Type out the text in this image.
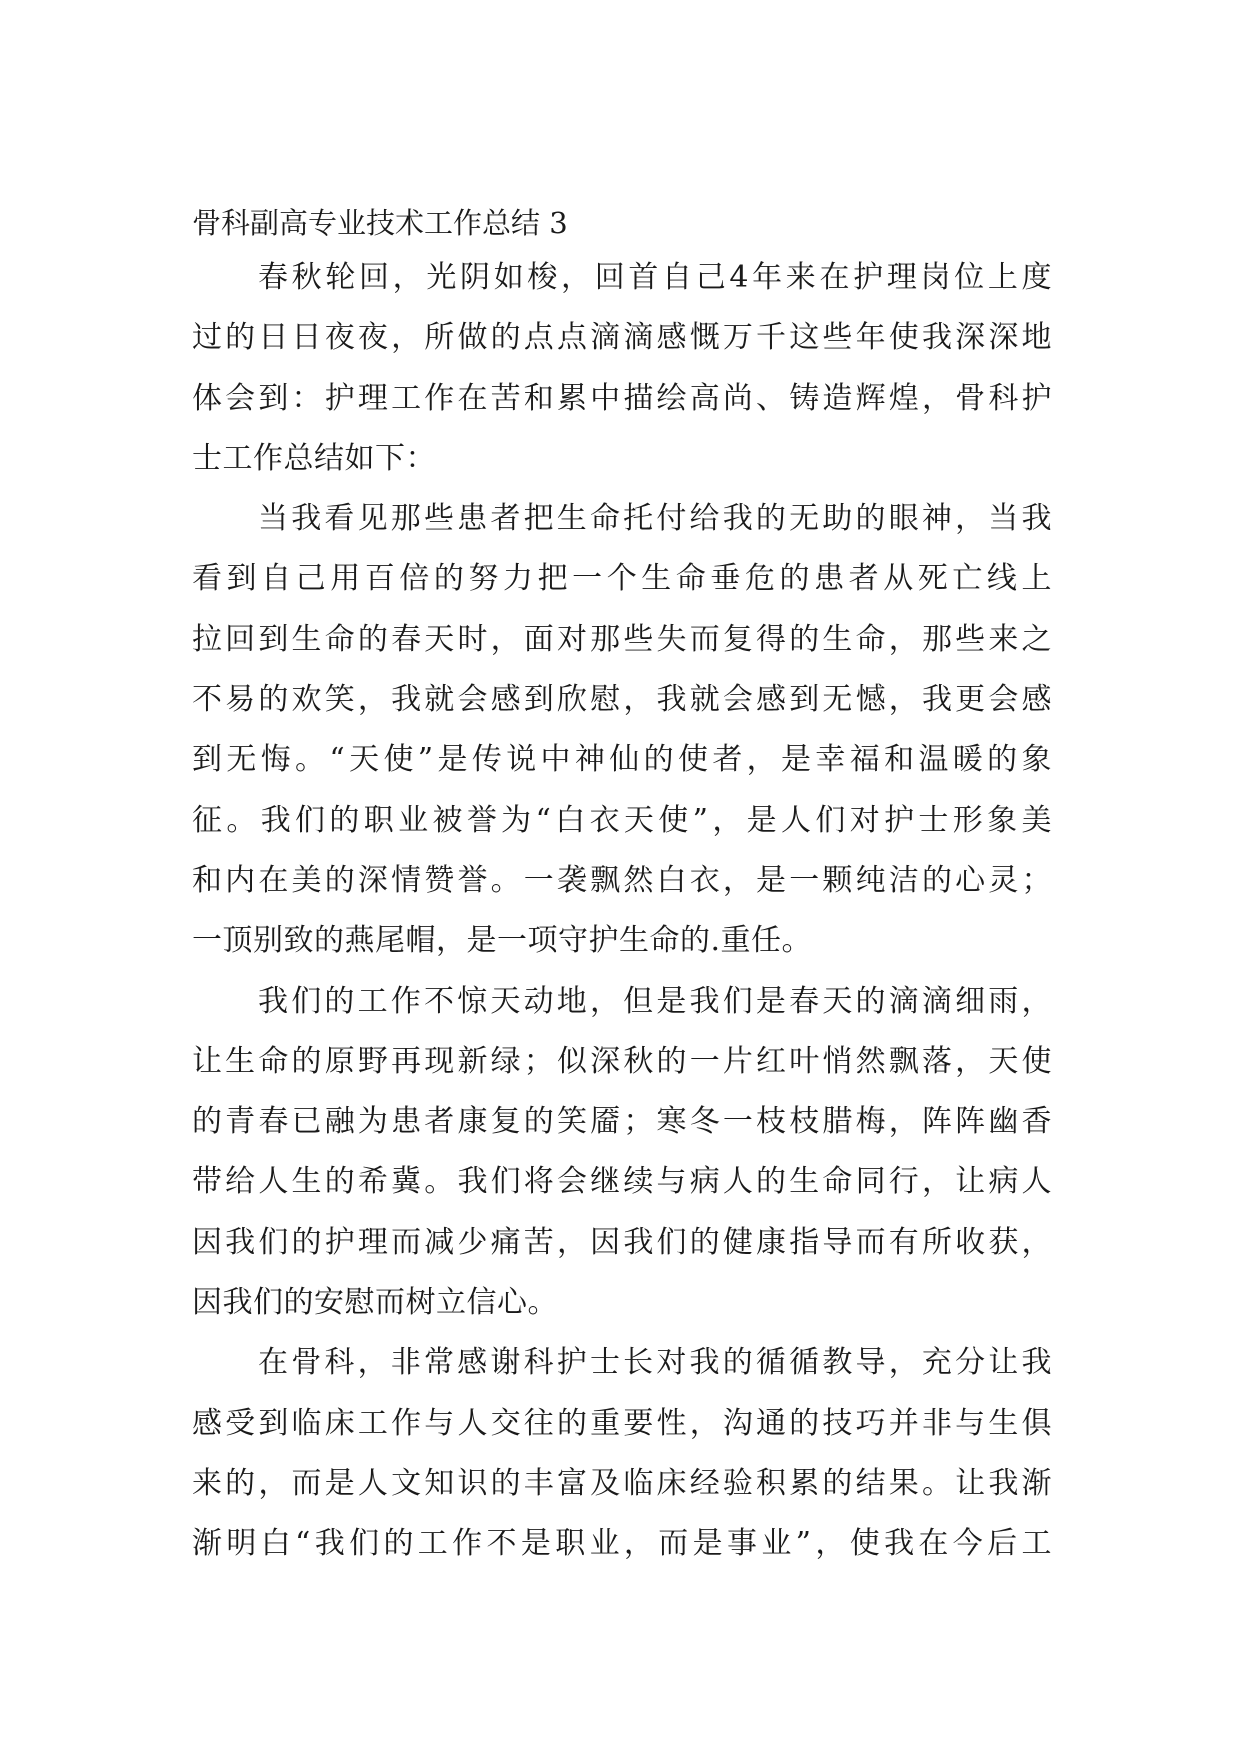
骨科副高专业技术工作总结 3
春秋轮回，光阴如梭，回首自己4年来在护理岗位上度
过的日日夜夜，所做的点点滴滴感慨万千这些年使我深深地
体会到：护理工作在苦和累中描绘高尚、铸造辉煌，骨科护
士工作总结如下：
当我看见那些患者把生命托付给我的无助的眼神，当我
看到自己用百倍的努力把一个生命垂危的患者从死亡线上
拉回到生命的春天时，面对那些失而复得的生命，那些来之
不易的欢笑，我就会感到欣慰，我就会感到无憾，我更会感
到无悔。“天使”是传说中神仙的使者，是幸福和温暖的象
征。我们的职业被誉为“白衣天使”，是人们对护士形象美
和内在美的深情赞誉。一袭飘然白衣，是一颗纯洁的心灵；
一顶别致的燕尾帽，是一项守护生命的.重任。
我们的工作不惊天动地，但是我们是春天的滴滴细雨，
让生命的原野再现新绿；似深秋的一片红叶悄然飘落，天使
的青春已融为患者康复的笑靥；寒冬一枝枝腊梅，阵阵幽香
带给人生的希冀。我们将会继续与病人的生命同行，让病人
因我们的护理而减少痛苦，因我们的健康指导而有所收获，
因我们的安慰而树立信心。
在骨科，非常感谢科护士长对我的循循教导，充分让我
感受到临床工作与人交往的重要性，沟通的技巧并非与生俱
来的，而是人文知识的丰富及临床经验积累的结果。让我渐
渐明白“我们的工作不是职业，而是事业”，使我在今后工
